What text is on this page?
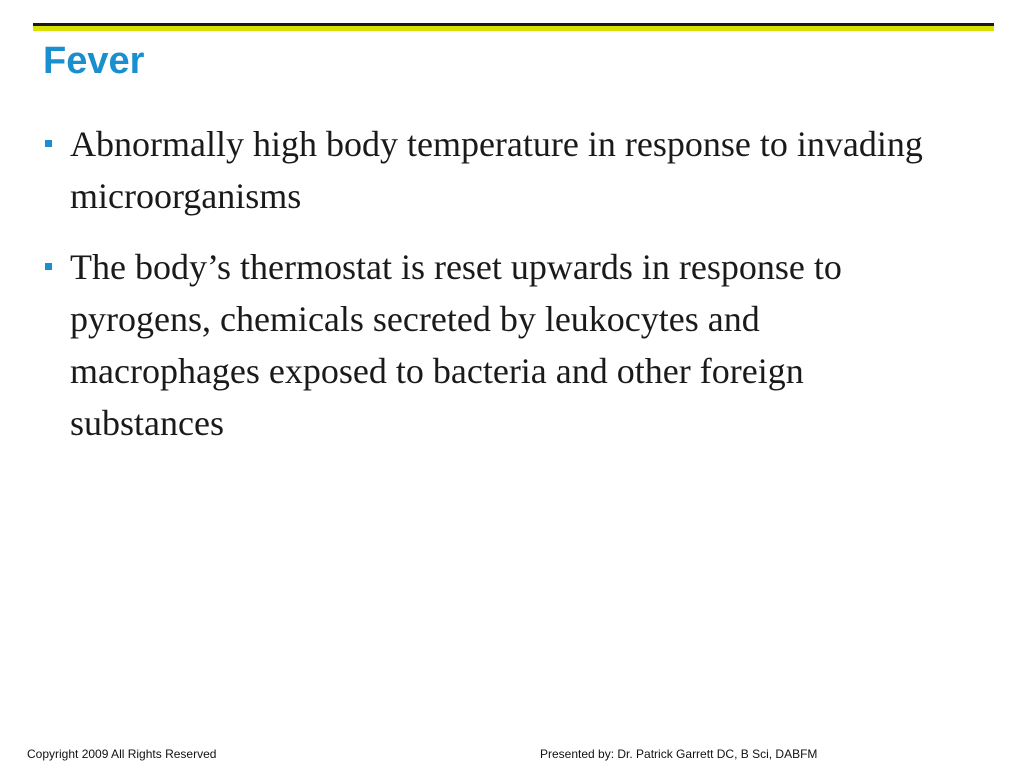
Fever
Abnormally high body temperature in response to invading microorganisms
The body’s thermostat is reset upwards in response to pyrogens, chemicals secreted by leukocytes and macrophages exposed to bacteria and other foreign substances
Copyright 2009 All Rights Reserved	Presented by: Dr. Patrick Garrett DC, B Sci, DABFM
